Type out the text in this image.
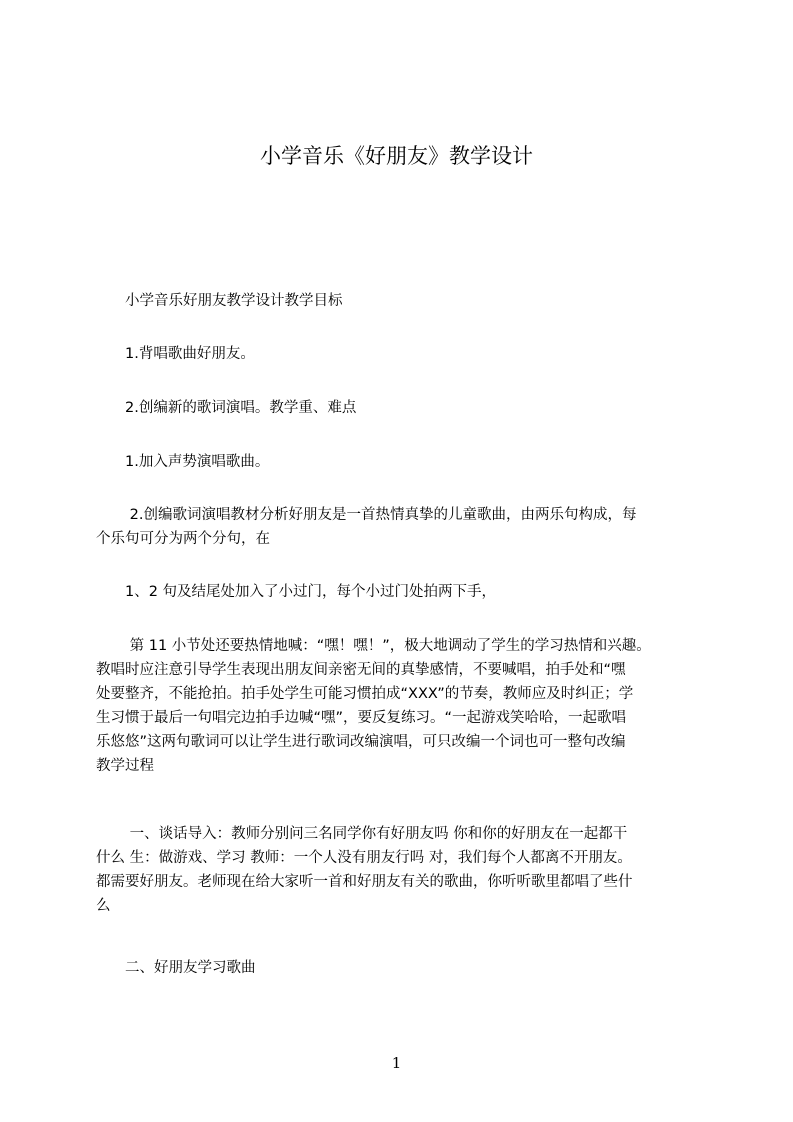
小学音乐《好朋友》教学设计
　　小学音乐好朋友教学设计教学目标
　　1.背唱歌曲好朋友。
　　2.创编新的歌词演唱。教学重、难点
　　1.加入声势演唱歌曲。
　　 2.创编歌词演唱教材分析好朋友是一首热情真挚的儿童歌曲，由两乐句构成，每
个乐句可分为两个分句，在
　　1、2 句及结尾处加入了小过门，每个小过门处拍两下手，
　　 第 11 小节处还要热情地喊：“嘿！嘿！”，极大地调动了学生的学习热情和兴趣。
教唱时应注意引导学生表现出朋友间亲密无间的真挚感情，不要喊唱，拍手处和“嘿
处要整齐，不能抢拍。拍手处学生可能习惯拍成“XXX”的节奏，教师应及时纠正；学
生习惯于最后一句唱完边拍手边喊“嘿”，要反复练习。“一起游戏笑哈哈，一起歌唱
乐悠悠”这两句歌词可以让学生进行歌词改编演唱，可只改编一个词也可一整句改编
教学过程
　　 一、谈话导入：教师分别问三名同学你有好朋友吗 你和你的好朋友在一起都干
什么 生：做游戏、学习 教师：一个人没有朋友行吗 对，我们每个人都离不开朋友。
都需要好朋友。老师现在给大家听一首和好朋友有关的歌曲，你听听歌里都唱了些什
么
　　二、好朋友学习歌曲
1
